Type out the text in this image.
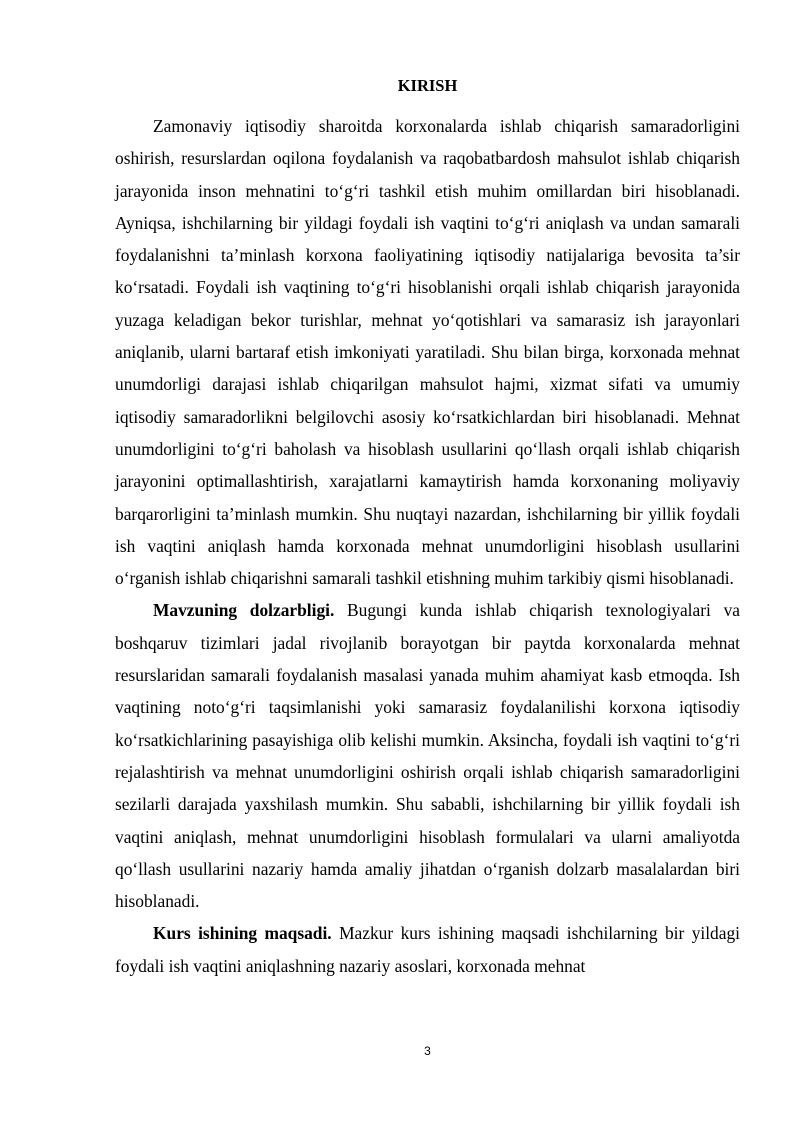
KIRISH

Zamonaviy iqtisodiy sharoitda korxonalarda ishlab chiqarish samaradorligini oshirish, resurslardan oqilona foydalanish va raqobatbardosh mahsulot ishlab chiqarish jarayonida inson mehnatini to‘g‘ri tashkil etish muhim omillardan biri hisoblanadi. Ayniqsa, ishchilarning bir yildagi foydali ish vaqtini to‘g‘ri aniqlash va undan samarali foydalanishni ta’minlash korxona faoliyatining iqtisodiy natijalariga bevosita ta’sir ko‘rsatadi. Foydali ish vaqtining to‘g‘ri hisoblanishi orqali ishlab chiqarish jarayonida yuzaga keladigan bekor turishlar, mehnat yo‘qotishlari va samarasiz ish jarayonlari aniqlanib, ularni bartaraf etish imkoniyati yaratiladi. Shu bilan birga, korxonada mehnat unumdorligi darajasi ishlab chiqarilgan mahsulot hajmi, xizmat sifati va umumiy iqtisodiy samaradorlikni belgilovchi asosiy ko‘rsatkichlardan biri hisoblanadi. Mehnat unumdorligini to‘g‘ri baholash va hisoblash usullarini qo‘llash orqali ishlab chiqarish jarayonini optimallashtirish, xarajatlarni kamaytirish hamda korxonaning moliyaviy barqarorligini ta’minlash mumkin. Shu nuqtayi nazardan, ishchilarning bir yillik foydali ish vaqtini aniqlash hamda korxonada mehnat unumdorligini hisoblash usullarini o‘rganish ishlab chiqarishni samarali tashkil etishning muhim tarkibiy qismi hisoblanadi.

Mavzuning dolzarbligi. Bugungi kunda ishlab chiqarish texnologiyalari va boshqaruv tizimlari jadal rivojlanib borayotgan bir paytda korxonalarda mehnat resurslaridan samarali foydalanish masalasi yanada muhim ahamiyat kasb etmoqda. Ish vaqtining noto‘g‘ri taqsimlanishi yoki samarasiz foydalanilishi korxona iqtisodiy ko‘rsatkichlarining pasayishiga olib kelishi mumkin. Aksincha, foydali ish vaqtini to‘g‘ri rejalashtirish va mehnat unumdorligini oshirish orqali ishlab chiqarish samaradorligini sezilarli darajada yaxshilash mumkin. Shu sababli, ishchilarning bir yillik foydali ish vaqtini aniqlash, mehnat unumdorligini hisoblash formulalari va ularni amaliyotda qo‘llash usullarini nazariy hamda amaliy jihatdan o‘rganish dolzarb masalalardan biri hisoblanadi.

Kurs ishining maqsadi. Mazkur kurs ishining maqsadi ishchilarning bir yildagi foydali ish vaqtini aniqlashning nazariy asoslari, korxonada mehnat

3
